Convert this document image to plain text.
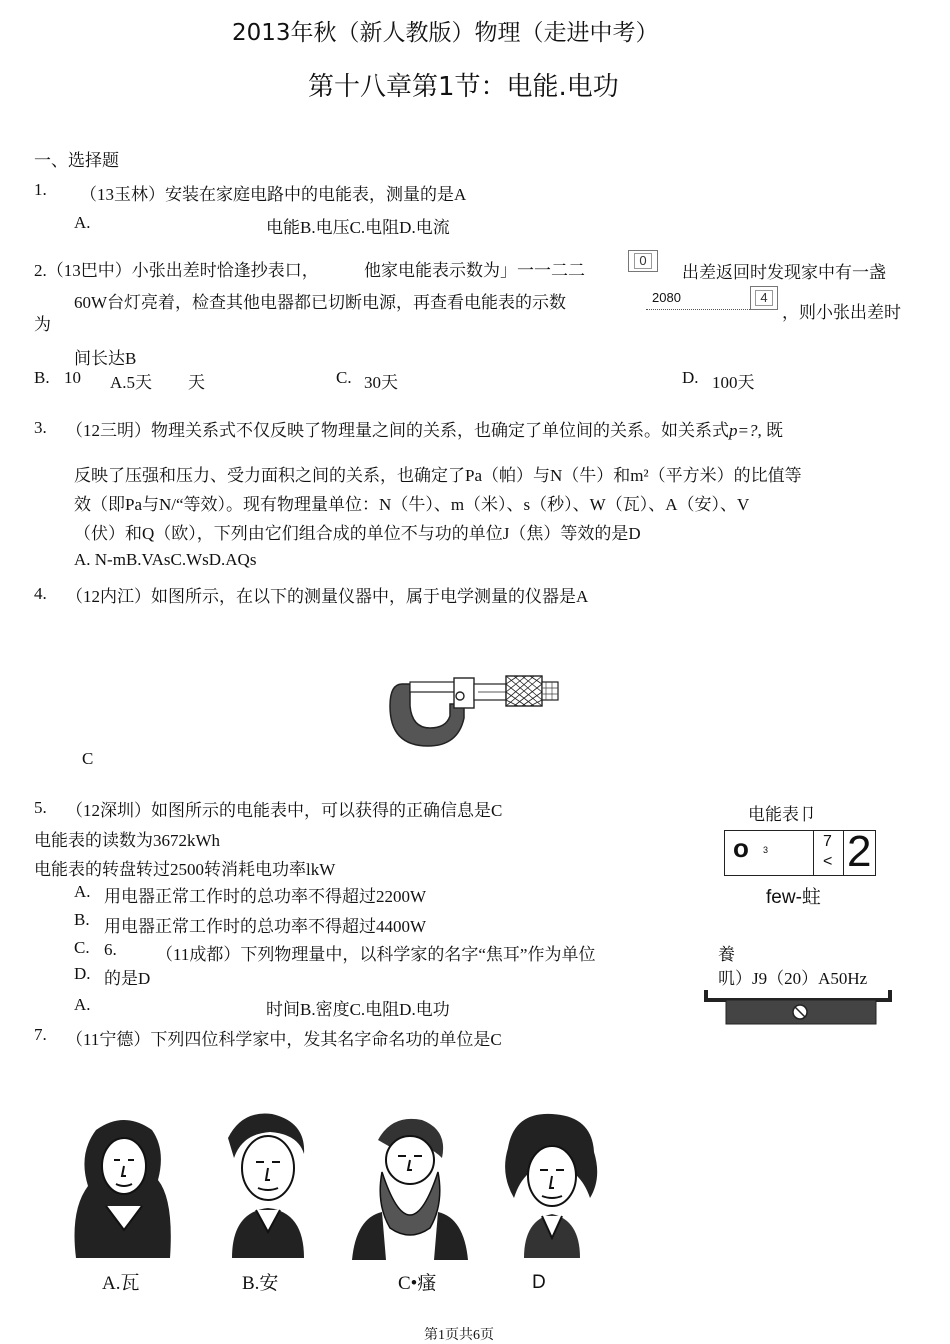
2013年秋（新人教版）物理（走进中考）
第十八章第1节：电能.电功
一、选择题
1. （13玉林）安装在家庭电路中的电能表，测量的是A
A.	电能B.电压C.电阻D.电流
2.（13巴中）小张出差时恰逢抄表口，	他家电能表示数为」一一二二
0
出差返回时发现家中有一盏
60W台灯亮着，检查其他电器都已切断电源，再查看电能表的示数	2080	4
，则小张出差时
为
间长达B
B. 10 A.5天 天	C. 30天	D. 100天
3. （12三明）物理关系式不仅反映了物理量之间的关系，也确定了单位间的关系。如关系式p=?, 既
反映了压强和压力、受力面积之间的关系，也确定了Pa（帕）与N（牛）和m²（平方米）的比值等
效（即Pa与N/“等效）。现有物理量单位：N（牛）、m（米）、s（秒）、W（瓦）、A（安）、V
（伏）和Q（欧），下列由它们组合成的单位不与功的单位J（焦）等效的是D
A. N-mB.VAsC.WsD.AQs
4. （12内江）如图所示，在以下的测量仪器中，属于电学测量的仪器是A
C
5. （12深圳）如图所示的电能表中，可以获得的正确信息是C
电能表的读数为3672kWh
电能表的转盘转过2500转消耗电功率lkW
A. 用电器正常工作时的总功率不得超过2200W
B. 用电器正常工作时的总功率不得超过4400W
C.
D.
电能表卩
o 3	7
< 2
few-蛀
6. （11成都）下列物理量中，以科学家的名字“焦耳”作为单位	養
的是D	叽）J9（20）A50Hz
A.	时间B.密度C.电阻D.电功
7. （11宁德）下列四位科学家中，发其名字命名功的单位是C
A.瓦	B.安	C•瘙	D
第1页共6页
